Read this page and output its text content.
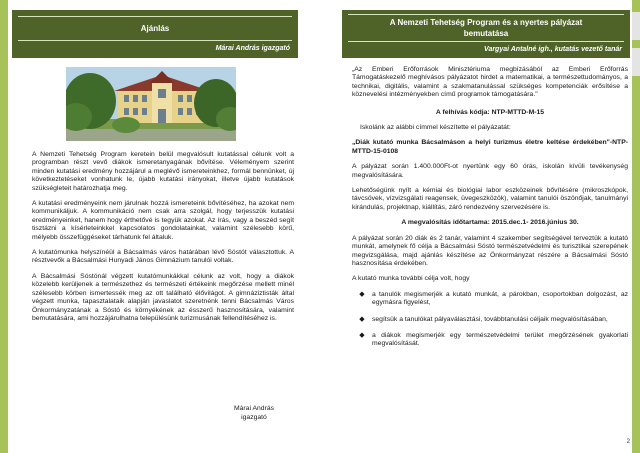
Ajánlás
Márai András igazgató

A Nemzeti Tehetség Program keretein belül megvalósult kutatással célunk volt a programban részt vevő diákok ismeretanyagának bővítése. Véleményem szerint minden kutatási eredmény hozzájárul a meglévő ismereteinkhez, formál bennünket, új következtetéseket vonhatunk le, újabb kutatási irányokat, illetve újabb kutatások szükségleteit határozhatja meg.

A kutatási eredményeink nem járulnak hozzá ismereteink bővítéséhez, ha azokat nem kommunikáljuk. A kommunikáció nem csak arra szolgál, hogy terjesszük kutatási eredményeinket, hanem hogy érthetővé is tegyük azokat. Az írás, vagy a beszéd segít tisztázni a kísérleteinkkel kapcsolatos gondolatainkat, valamint szélesebb körű, mélyebb összefüggéseket tárhatunk fel általuk.

A kutatómunka helyszínéül a Bácsalmás város határában lévő Sóstót választottuk. A résztvevők a Bácsalmási Hunyadi János Gimnázium tanulói voltak.

A Bácsalmási Sóstónál végzett kutatómunkákkal célunk az volt, hogy a diákok közelebb kerüljenek a természethez és természeti értékeink megőrzése mellett minél szélesebb körben ismertessék meg az ott található élővilágot. A gimnáziztisták által végzett munka, tapasztalataik alapján javaslatot szeretnénk tenni Bácsalmás Város Önkormányzatának a Sóstó és környékének az ésszerű hasznosítására, valamint bemutatására, ami hozzájárulhatna településünk turizmusának fellendítéséhez is.

Márai András
igazgató
A Nemzeti Tehetség Program és a nyertes pályázat
bemutatása
Vargyai Antalné igh., kutatás vezető tanár

„Az Emberi Erőforrások Minisztériuma megbízásából az Emberi Erőforrás Támogatáskezelő meghívásos pályázatot hirdet a matematikai, a természettudományos, a technikai, digitális, valamint a szakmatanulással szükséges kompetenciák erősítése a köznevelési intézményekben című programok támogatására."

A felhívás kódja: NTP-MTTD-M-15

Iskolánk az alábbi címmel készítette el pályázatát:

„Diák kutató munka Bácsalmáson a helyi turizmus életre keltése érdekében"-NTP-MTTD-15-0108

A pályázat során 1.400.000Ft-ot nyertünk egy 60 órás, iskolán kívüli tevékenység megvalósítására.

Lehetőségünk nyílt a kémiai és biológiai labor eszközeinek bővítésére (mikroszkópok, távcsövek, vízvizsgálati reagensek, üvegeszközök), valamint tanulói öszönőjak, tanulmányi kirándulás, projektnap, kiállítás, záró rendezvény szervezésére is.

A megvalósítás időtartama: 2015.dec.1- 2016.június 30.

A pályázat során 20 diák és 2 tanár, valamint 4 szakember segítségével terveztük a kutató munkát, amelynek fő célja a Bácsalmási Sóstó természetvédelmi és turisztikai szerepének megvizsgálása, majd ajánlás készítése az Önkormányzat részére a Bácsalmási Sóstó hasznosítása érdekében.

A kutató munka további célja volt, hogy

◆	a tanulók megismerjék a kutató munkát, a párokban, csoportokban dolgozást, az egymásra figyelést,
◆	segítsük a tanulókat pályaválasztási, továbbtanulási céljaik megvalósításában,
◆	a diákok megismerjék egy természetvédelmi terület megőrzésének gyakorlati megvalósítását.
2
